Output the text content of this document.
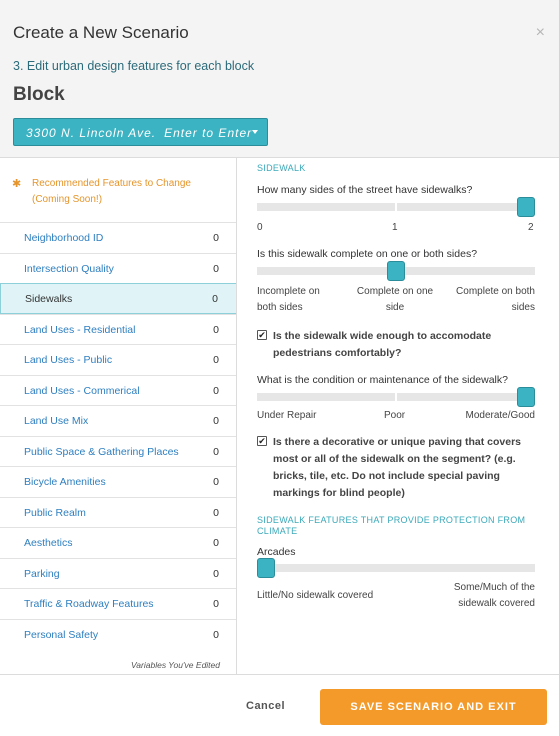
Create a New Scenario	×
3. Edit urban design features for each block
Block
3300 N. Lincoln Ave. Enter to Enter
✱	Recommended Features to Change (Coming Soon!)
Neighborhood ID	0
Intersection Quality	0
Sidewalks	0
Land Uses - Residential	0
Land Uses - Public	0
Land Uses - Commerical	0
Land Use Mix	0
Public Space & Gathering Places	0
Bicycle Amenities	0
Public Realm	0
Aesthetics	0
Parking	0
Traffic & Roadway Features	0
Personal Safety	0
Variables You've Edited
SIDEWALK
How many sides of the street have sidewalks?
0	1	2
Is this sidewalk complete on one or both sides?
Incomplete on both sides
Complete on one side
Complete on both sides
✔ Is the sidewalk wide enough to accomodate pedestrians comfortably?
What is the condition or maintenance of the sidewalk?
Under Repair	Poor	Moderate/Good
✔ Is there a decorative or unique paving that covers most or all of the sidewalk on the segment? (e.g. bricks, tile, etc. Do not include special paving markings for blind people)
SIDEWALK FEATURES THAT PROVIDE PROTECTION FROM CLIMATE
Arcades
Little/No sidewalk covered
Some/Much of the sidewalk covered
Cancel	SAVE SCENARIO AND EXIT
